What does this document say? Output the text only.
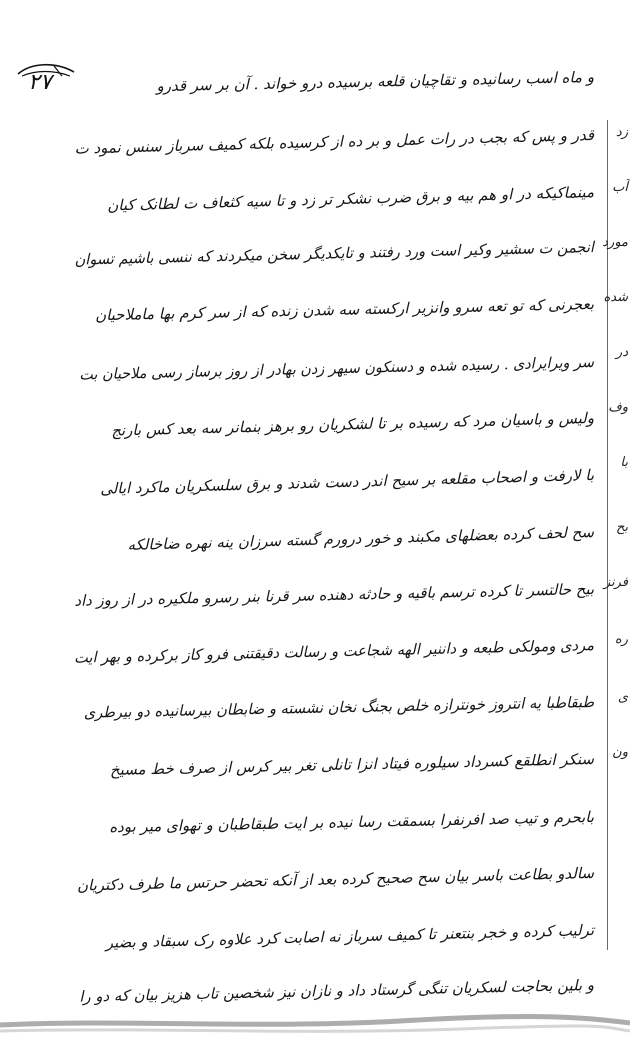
۲۷	و ماه اسب رسانیده و تقاچیان قلعه برسیده درو خواند . آن بر سر قدرو
قدر و پس که بجب در رات عمل و بر ده از کرسیده بلکه کمیف سرباز سنس نمود ت
مینماکیکه در او هم بیه و برق ضرب نشکر تر زد و تا سیه کثعاف ت لطانک کیان
انجمن ت سشیر وکیر است ورد رفتند و تایکدیگر سخن میکردند که ننسی باشیم تسوان
بعجرنی که تو تعه سرو وانزیر ارکسته سه شدن زنده که از سر کرم بها ماملاحیان
سر ویرایرادی . رسیده شده و دسنکون سیهر زدن بهادر از روز برساز رسی ملاحیان بت
ولیس و باسیان مرد که رسیده بر تا لشکریان رو برهز بنمانر سه بعد کس بارنج
با لارفت و اصحاب مقلعه بر سیح اندر دست شدند و برق سلسکریان ماکرد ایالی
سح لحف کرده بعضلهای مکبند و خور درورم گسته سرزان ینه نهره ضاخالکه
بیح حالتسر تا کرده ترسم باقیه و حادثه دهنده سر قرنا بنر رسرو ملکیره در از روز داد
مردی ومولکی طبعه و داننیر الهه شجاعت و رسالت دقیقتنی فرو کاز برکرده و بهر ایت
طبقاطبا یه انتروز خونترازه خلص بجنگ نخان نشسته و ضابطان بیرسانیده دو بیرطری
سنکر انطلقع کسرداد سیلوره فیتاد انزا تانلی تغر بیر کرس از صرف خط مسیخ
بابحرم و تیب صد افرنفرا بسمقت رسا نیده بر ایت طبقاطبان و تهوای میر بوده
سالدو بطاعت باسر بیان سح صحیح کرده بعد از آنکه تحضر حرتس ما طرف دکتریان
ترلیب کرده و خجر بنتعنر تا کمیف سرباز نه اصابت کرد علاوه رک سبقاد و بضیر
و بلین بحاجت لسکریان تنگی گرستاد داد و نازان نیز شخصین تاب هزیز بیان که دو را
زد
آب
مورد
شده
در
وف
با
بح
فرنز
ره
ی
ون
